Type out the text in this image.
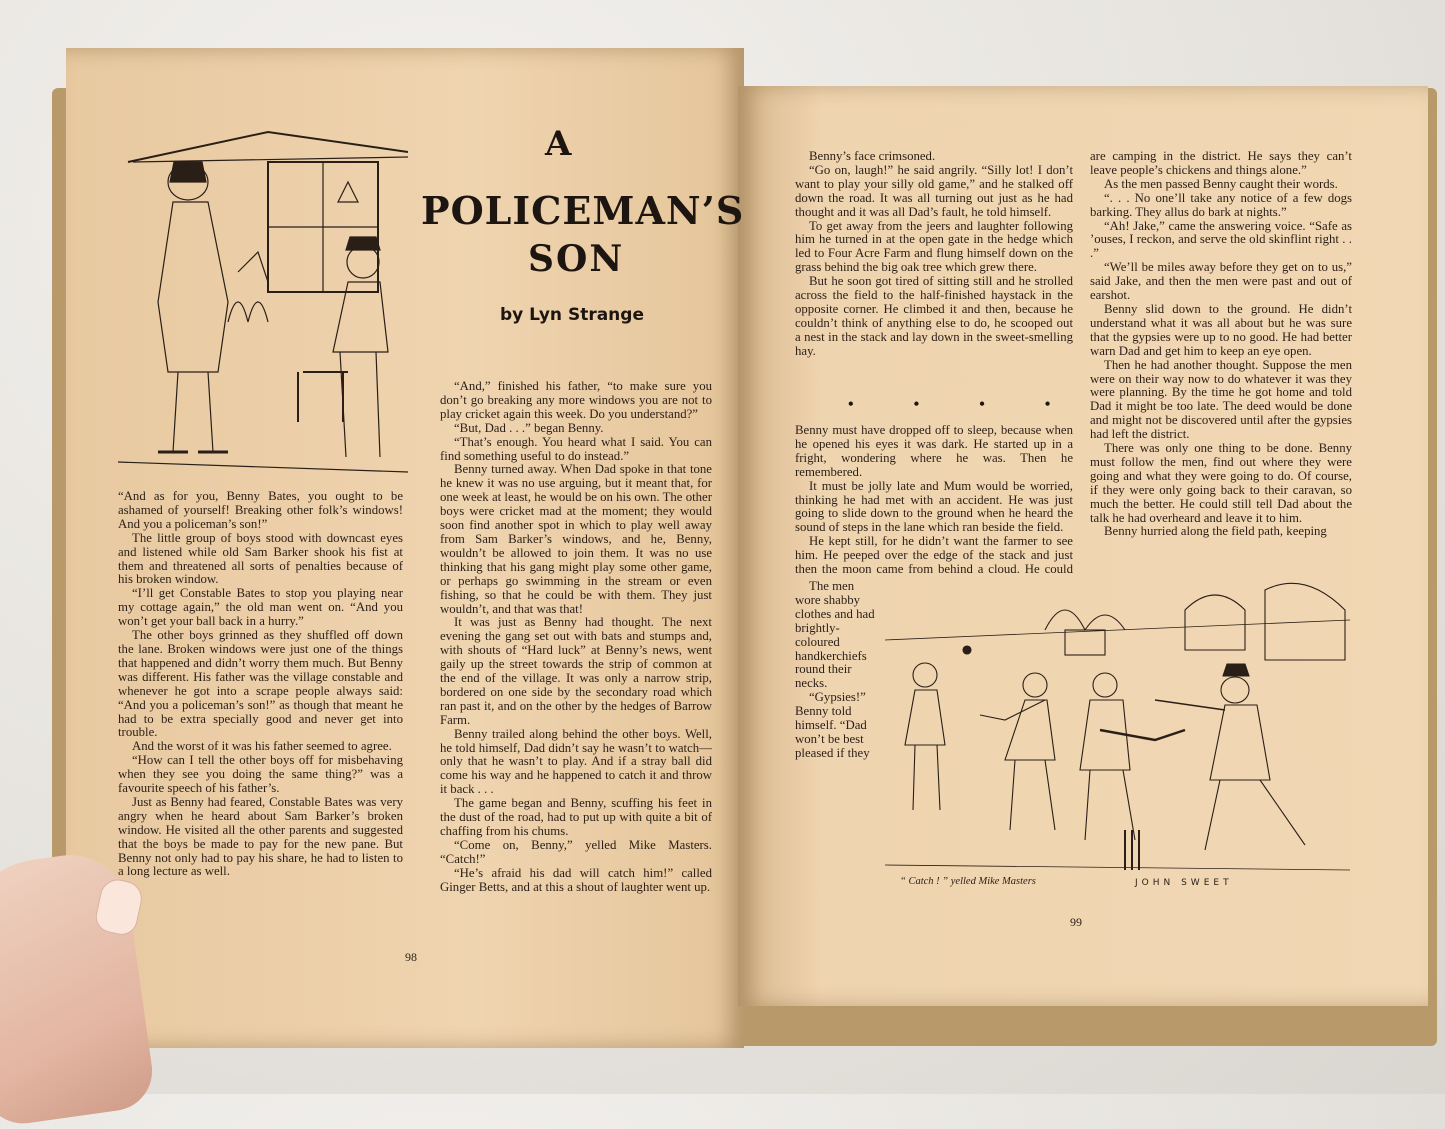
A
POLICEMAN’S
SON
by Lyn Strange

“And as for you, Benny Bates, you ought to be ashamed of yourself! Breaking other folk’s windows! And you a policeman’s son!”

The little group of boys stood with downcast eyes and listened while old Sam Barker shook his fist at them and threatened all sorts of penalties because of his broken window.

“I’ll get Constable Bates to stop you playing near my cottage again,” the old man went on. “And you won’t get your ball back in a hurry.”

The other boys grinned as they shuffled off down the lane. Broken windows were just one of the things that happened and didn’t worry them much. But Benny was different. His father was the village constable and whenever he got into a scrape people always said: “And you a policeman’s son!” as though that meant he had to be extra specially good and never get into trouble.

And the worst of it was his father seemed to agree.

“How can I tell the other boys off for misbehaving when they see you doing the same thing?” was a favourite speech of his father’s.

Just as Benny had feared, Constable Bates was very angry when he heard about Sam Barker’s broken window. He visited all the other parents and suggested that the boys be made to pay for the new pane. But Benny not only had to pay his share, he had to listen to a long lecture as well.

“And,” finished his father, “to make sure you don’t go breaking any more windows you are not to play cricket again this week. Do you understand?”

“But, Dad . . .” began Benny.

“That’s enough. You heard what I said. You can find something useful to do instead.”

Benny turned away. When Dad spoke in that tone he knew it was no use arguing, but it meant that, for one week at least, he would be on his own. The other boys were cricket mad at the moment; they would soon find another spot in which to play well away from Sam Barker’s windows, and he, Benny, wouldn’t be allowed to join them. It was no use thinking that his gang might play some other game, or perhaps go swimming in the stream or even fishing, so that he could be with them. They just wouldn’t, and that was that!

It was just as Benny had thought. The next evening the gang set out with bats and stumps and, with shouts of “Hard luck” at Benny’s news, went gaily up the street towards the strip of common at the end of the village. It was only a narrow strip, bordered on one side by the secondary road which ran past it, and on the other by the hedges of Barrow Farm.

Benny trailed along behind the other boys. Well, he told himself, Dad didn’t say he wasn’t to watch—only that he wasn’t to play. And if a stray ball did come his way and he happened to catch it and throw it back . . .

The game began and Benny, scuffing his feet in the dust of the road, had to put up with quite a bit of chaffing from his chums.

“Come on, Benny,” yelled Mike Masters. “Catch!”

“He’s afraid his dad will catch him!” called Ginger Betts, and at this a shout of laughter went up.

98

Benny’s face crimsoned.

“Go on, laugh!” he said angrily. “Silly lot! I don’t want to play your silly old game,” and he stalked off down the road. It was all turning out just as he had thought and it was all Dad’s fault, he told himself.

To get away from the jeers and laughter following him he turned in at the open gate in the hedge which led to Four Acre Farm and flung himself down on the grass behind the big oak tree which grew there.

But he soon got tired of sitting still and he strolled across the field to the half-finished haystack in the opposite corner. He climbed it and then, because he couldn’t think of anything else to do, he scooped out a nest in the stack and lay down in the sweet-smelling hay.

• • • •

Benny must have dropped off to sleep, because when he opened his eyes it was dark. He started up in a fright, wondering where he was. Then he remembered.

It must be jolly late and Mum would be worried, thinking he had met with an accident. He was just going to slide down to the ground when he heard the sound of steps in the lane which ran beside the field.

He kept still, for he didn’t want the farmer to see him. He peeped over the edge of the stack and just then the moon came from behind a cloud. He could

The men wore shabby clothes and had brightly-coloured handkerchiefs round their necks.

“Gypsies!” Benny told himself. “Dad won’t be best pleased if they

are camping in the district. He says they can’t leave people’s chickens and things alone.”

As the men passed Benny caught their words.

“. . . No one’ll take any notice of a few dogs barking. They allus do bark at nights.”

“Ah! Jake,” came the answering voice. “Safe as ’ouses, I reckon, and serve the old skinflint right . . .”

“We’ll be miles away before they get on to us,” said Jake, and then the men were past and out of earshot.

Benny slid down to the ground. He didn’t understand what it was all about but he was sure that the gypsies were up to no good. He had better warn Dad and get him to keep an eye open.

Then he had another thought. Suppose the men were on their way now to do whatever it was they were planning. By the time he got home and told Dad it might be too late. The deed would be done and might not be discovered until after the gypsies had left the district.

There was only one thing to be done. Benny must follow the men, find out where they were going and what they were going to do. Of course, if they were only going back to their caravan, so much the better. He could still tell Dad about the talk he had overheard and leave it to him.

Benny hurried along the field path, keeping

“ Catch ! ” yelled Mike Masters	JOHN SWEET
99
